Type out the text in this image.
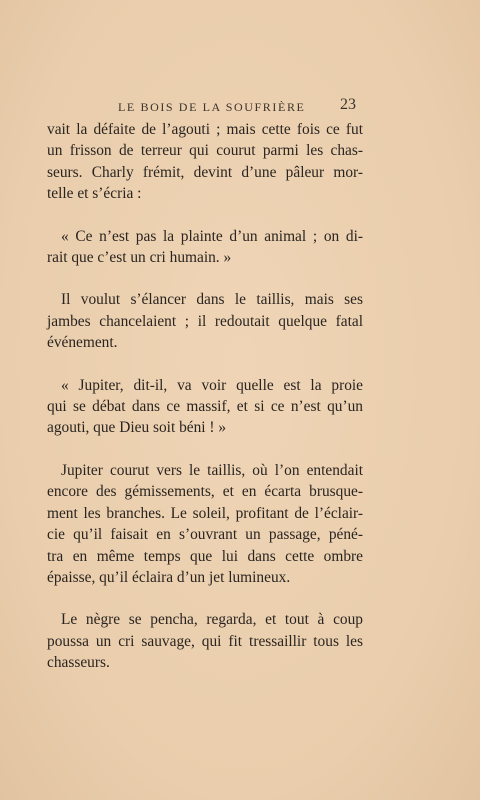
LE BOIS DE LA SOUFRIÈRE	23

vait la défaite de l’agouti ; mais cette fois ce fut
un frisson de terreur qui courut parmi les chas-
seurs. Charly frémit, devint d’une pâleur mor-
telle et s’écria :

« Ce n’est pas la plainte d’un animal ; on di-
rait que c’est un cri humain. »

Il voulut s’élancer dans le taillis, mais ses
jambes chancelaient ; il redoutait quelque fatal
événement.

« Jupiter, dit-il, va voir quelle est la proie
qui se débat dans ce massif, et si ce n’est qu’un
agouti, que Dieu soit béni ! »

Jupiter courut vers le taillis, où l’on entendait
encore des gémissements, et en écarta brusque-
ment les branches. Le soleil, profitant de l’éclair-
cie qu’il faisait en s’ouvrant un passage, péné-
tra en même temps que lui dans cette ombre
épaisse, qu’il éclaira d’un jet lumineux.

Le nègre se pencha, regarda, et tout à coup
poussa un cri sauvage, qui fit tressaillir tous les
chasseurs.
